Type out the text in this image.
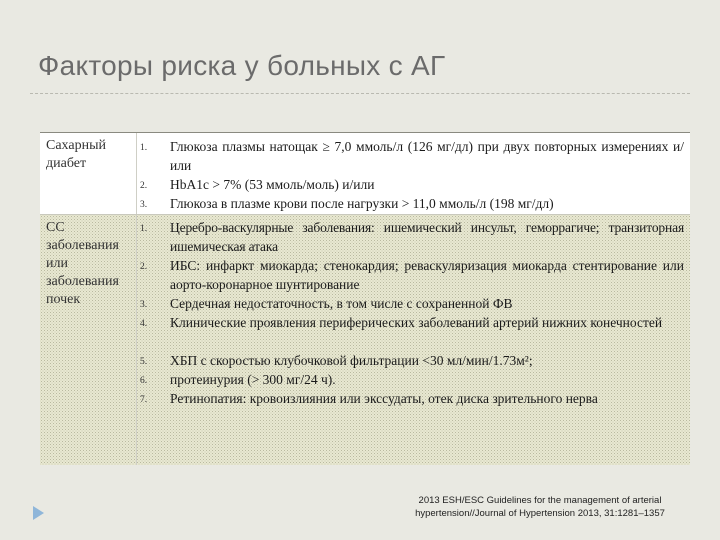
Факторы риска у больных с АГ
Сахарный диабет
1.	Глюкоза плазмы натощак ≥ 7,0 ммоль/л (126 мг/дл) при двух повторных измерениях и/или
2.	HbA1c > 7% (53 ммоль/моль) и/или
3.	Глюкоза в плазме крови после нагрузки > 11,0 ммоль/л (198 мг/дл)
СС заболевания или заболевания почек
1.	Церебро-васкулярные заболевания: ишемический инсульт, геморрагиче; транзиторная ишемическая атака
2.	ИБС: инфаркт миокарда; стенокардия; реваскуляризация миокарда стентирование или аорто-коронарное шунтирование
3.	Сердечная недостаточность, в том числе с сохраненной ФВ
4.	Клинические проявления периферических заболеваний артерий нижних конечностей
5.	ХБП с скоростью клубочковой фильтрации <30 мл/мин/1.73м²;
6.	протеинурия (> 300 мг/24 ч).
7.	Ретинопатия: кровоизлияния или экссудаты, отек диска зрительного нерва
2013 ESH/ESC Guidelines for the management of arterial
hypertension//Journal of Hypertension 2013, 31:1281–1357
